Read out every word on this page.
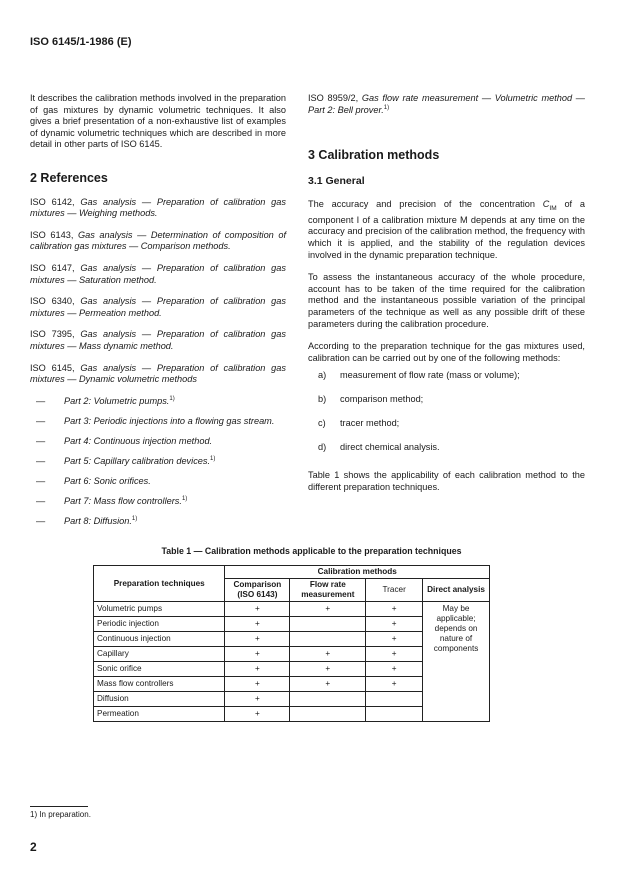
ISO 6145/1-1986 (E)

It describes the calibration methods involved in the preparation of gas mixtures by dynamic volumetric techniques. It also gives a brief presentation of a non-exhaustive list of examples of dynamic volumetric techniques which are described in more detail in other parts of ISO 6145.

2 References

ISO 6142, Gas analysis — Preparation of calibration gas mixtures — Weighing methods.

ISO 6143, Gas analysis — Determination of composition of calibration gas mixtures — Comparison methods.

ISO 6147, Gas analysis — Preparation of calibration gas mixtures — Saturation method.

ISO 6340, Gas analysis — Preparation of calibration gas mixtures — Permeation method.

ISO 7395, Gas analysis — Preparation of calibration gas mixtures — Mass dynamic method.

ISO 6145, Gas analysis — Preparation of calibration gas mixtures — Dynamic volumetric methods

—	Part 2: Volumetric pumps.$^{1)}$
—	Part 3: Periodic injections into a flowing gas stream.
—	Part 4: Continuous injection method.
—	Part 5: Capillary calibration devices.$^{1)}$
—	Part 6: Sonic orifices.
—	Part 7: Mass flow controllers.$^{1)}$
—	Part 8: Diffusion.$^{1)}$

ISO 8959/2, Gas flow rate measurement — Volumetric method — Part 2: Bell prover.$^{1)}$

3 Calibration methods
3.1 General

The accuracy and precision of the concentration $C_{IM}$ of a component I of a calibration mixture M depends at any time on the accuracy and precision of the calibration method, the frequency with which it is applied, and the stability of the regulation devices involved in the dynamic preparation technique.

To assess the instantaneous accuracy of the whole procedure, account has to be taken of the time required for the calibration method and the instantaneous possible variation of the principal parameters of the technique as well as any possible drift of these parameters during the calibration procedure.

According to the preparation technique for the gas mixtures used, calibration can be carried out by one of the following methods:

a)	measurement of flow rate (mass or volume);
b)	comparison method;
c)	tracer method;
d)	direct chemical analysis.

Table 1 shows the applicability of each calibration method to the different preparation techniques.

Table 1 — Calibration methods applicable to the preparation techniques
Preparation techniques	Calibration methods			
	Comparison (ISO 6143)	Flow rate measurement	Tracer	Direct analysis
Volumetric pumps	+	+	+	May be applicable; depends on nature of components
Periodic injection	+		+	
Continuous injection	+		+	
Capillary	+	+	+	
Sonic orifice	+	+	+	
Mass flow controllers	+	+	+	
Diffusion	+			
Permeation	+			
1) In preparation.
2
